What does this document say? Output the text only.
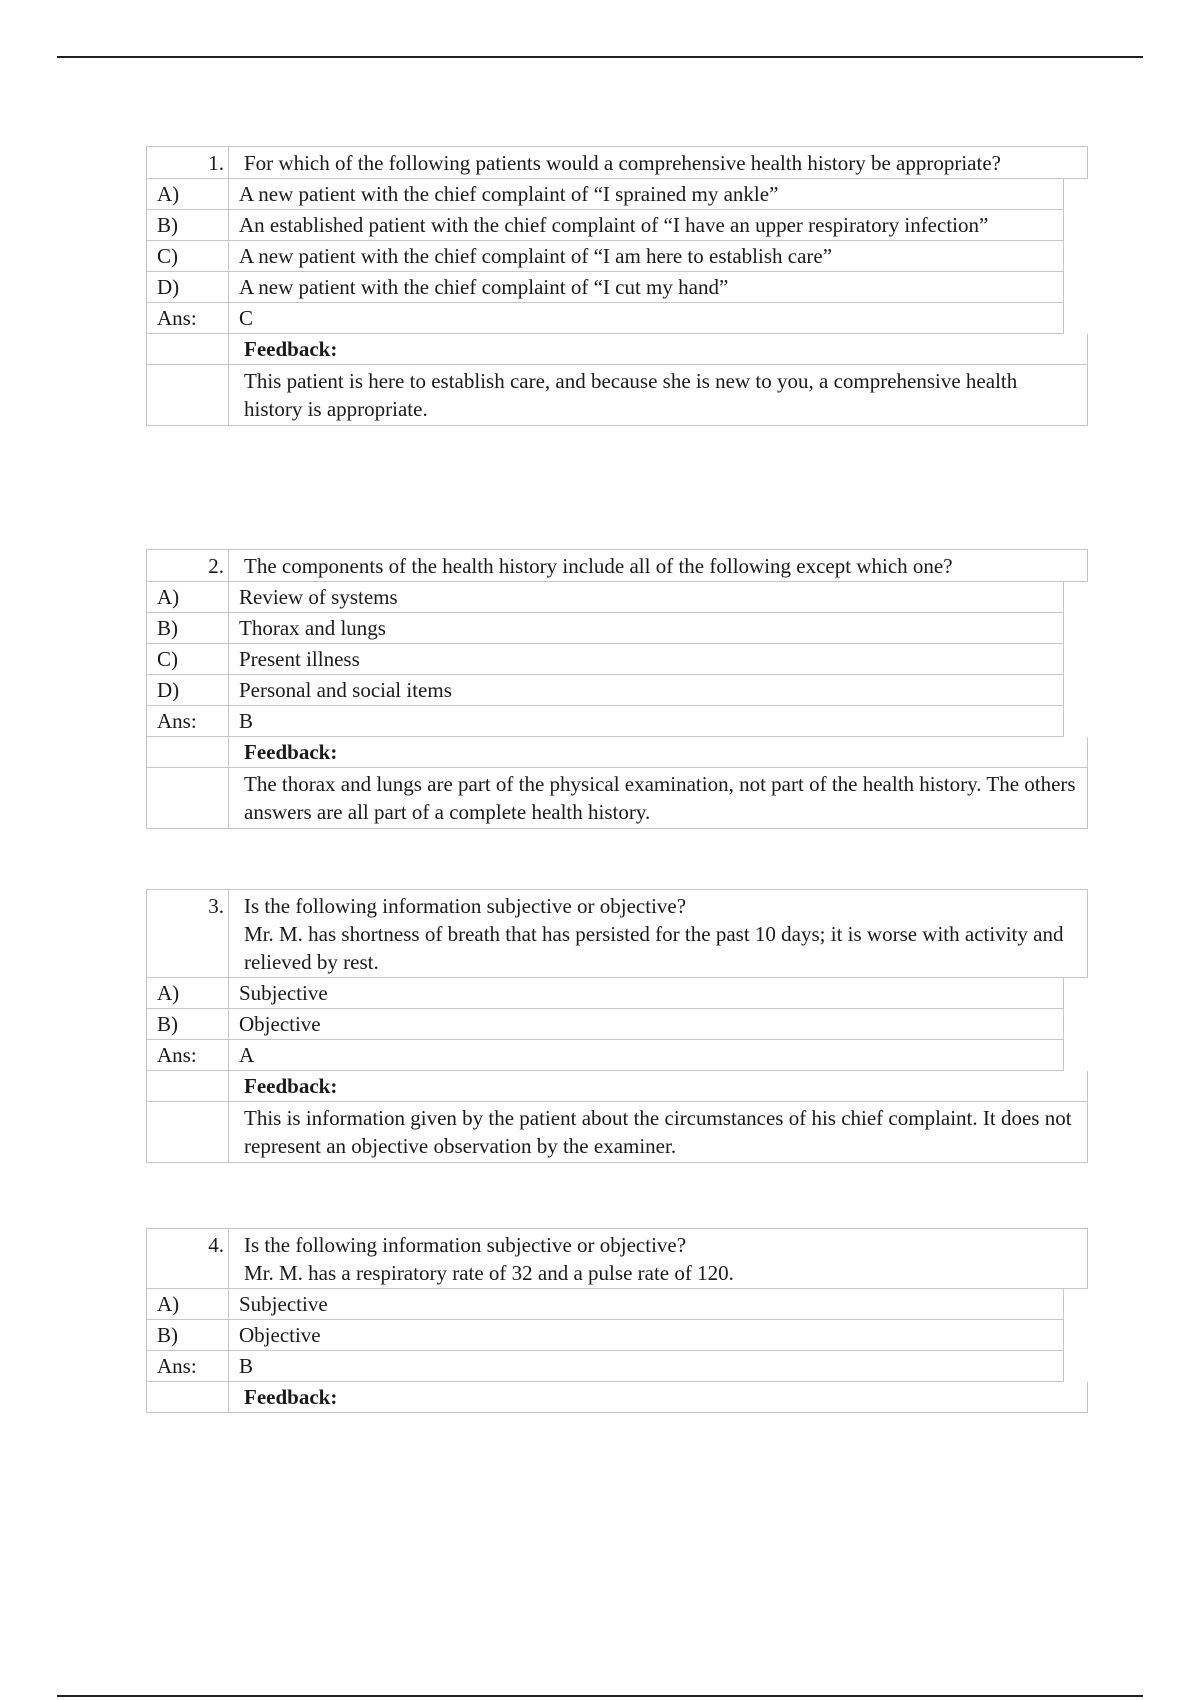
1. For which of the following patients would a comprehensive health history be appropriate?
A)	A new patient with the chief complaint of “I sprained my ankle”
B)	An established patient with the chief complaint of “I have an upper respiratory infection”
C)	A new patient with the chief complaint of “I am here to establish care”
D)	A new patient with the chief complaint of “I cut my hand”
Ans:	C
Feedback:
This patient is here to establish care, and because she is new to you, a comprehensive health history is appropriate.
2. The components of the health history include all of the following except which one?
A)	Review of systems
B)	Thorax and lungs
C)	Present illness
D)	Personal and social items
Ans:	B
Feedback:
The thorax and lungs are part of the physical examination, not part of the health history. The others answers are all part of a complete health history.
3. Is the following information subjective or objective?
Mr. M. has shortness of breath that has persisted for the past 10 days; it is worse with activity and relieved by rest.
A)	Subjective
B)	Objective
Ans:	A
Feedback:
This is information given by the patient about the circumstances of his chief complaint. It does not represent an objective observation by the examiner.
4. Is the following information subjective or objective?
Mr. M. has a respiratory rate of 32 and a pulse rate of 120.
A)	Subjective
B)	Objective
Ans:	B
Feedback:
